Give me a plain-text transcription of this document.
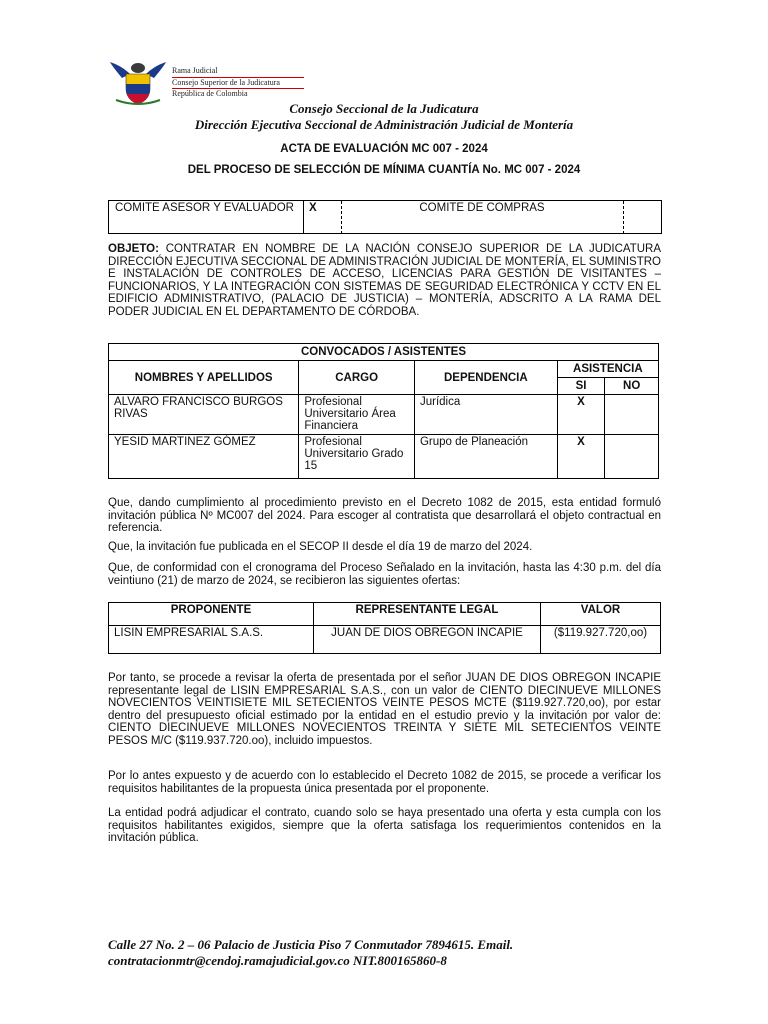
Rama Judicial
Consejo Superior de la Judicatura
República de Colombia
Consejo Seccional de la Judicatura
Dirección Ejecutiva Seccional de Administración Judicial de Montería
ACTA DE EVALUACIÓN MC 007 - 2024
DEL PROCESO DE SELECCIÓN DE MÍNIMA CUANTÍA No. MC 007 - 2024
COMITE ASESOR Y EVALUADOR	X	COMITE DE COMPRAS
OBJETO: CONTRATAR EN NOMBRE DE LA NACIÓN CONSEJO SUPERIOR DE LA JUDICATURA DIRECCIÓN EJECUTIVA SECCIONAL DE ADMINISTRACIÓN JUDICIAL DE MONTERÍA, EL SUMINISTRO E INSTALACIÓN DE CONTROLES DE ACCESO, LICENCIAS PARA GESTIÓN DE VISITANTES – FUNCIONARIOS, Y LA INTEGRACIÓN CON SISTEMAS DE SEGURIDAD ELECTRÓNICA Y CCTV EN EL EDIFICIO ADMINISTRATIVO, (PALACIO DE JUSTICIA) – MONTERÍA, ADSCRITO A LA RAMA DEL PODER JUDICIAL EN EL DEPARTAMENTO DE CÓRDOBA.
CONVOCADOS / ASISTENTES				
NOMBRES Y APELLIDOS	CARGO	DEPENDENCIA	ASISTENCIA	
			SI	NO
ALVARO FRANCISCO BURGOS RIVAS	Profesional Universitario Área Financiera	Jurídica	X	
YESID MARTINEZ GÓMEZ	Profesional Universitario Grado 15	Grupo de Planeación	X	
Que, dando cumplimiento al procedimiento previsto en el Decreto 1082 de 2015, esta entidad formuló invitación pública Nº MC007 del 2024. Para escoger al contratista que desarrollará el objeto contractual en referencia.
Que, la invitación fue publicada en el SECOP II desde el día 19 de marzo del 2024.
Que, de conformidad con el cronograma del Proceso Señalado en la invitación, hasta las 4:30 p.m. del día veintiuno (21) de marzo de 2024, se recibieron las siguientes ofertas:
PROPONENTE	REPRESENTANTE LEGAL	VALOR
LISIN EMPRESARIAL S.A.S.	JUAN DE DIOS OBREGON INCAPIE	($119.927.720,oo)
Por tanto, se procede a revisar la oferta de presentada por el señor JUAN DE DIOS OBREGON INCAPIE representante legal de LISIN EMPRESARIAL S.A.S., con un valor de CIENTO DIECINUEVE MILLONES NOVECIENTOS VEINTISIETE MIL SETECIENTOS VEINTE PESOS MCTE ($119.927.720,oo), por estar dentro del presupuesto oficial estimado por la entidad en el estudio previo y la invitación por valor de: CIENTO DIECINUEVE MILLONES NOVECIENTOS TREINTA Y SIETE MIL SETECIENTOS VEINTE PESOS M/C ($119.937.720.oo), incluido impuestos.
Por lo antes expuesto y de acuerdo con lo establecido el Decreto 1082 de 2015, se procede a verificar los requisitos habilitantes de la propuesta única presentada por el proponente.
La entidad podrá adjudicar el contrato, cuando solo se haya presentado una oferta y esta cumpla con los requisitos habilitantes exigidos, siempre que la oferta satisfaga los requerimientos contenidos en la invitación pública.
Calle 27 No. 2 – 06 Palacio de Justicia Piso 7 Conmutador 7894615. Email.
contratacionmtr@cendoj.ramajudicial.gov.co NIT.800165860-8
